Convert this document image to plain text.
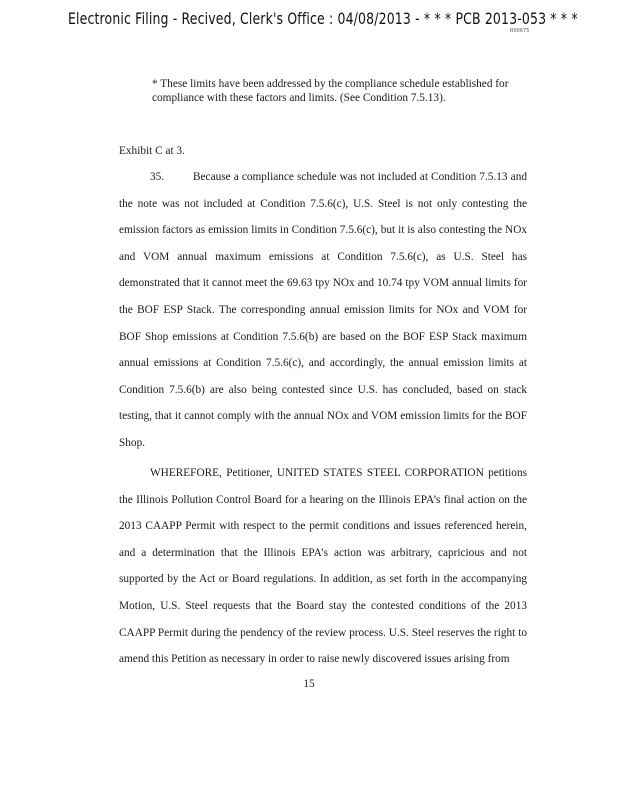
Electronic Filing - Recived, Clerk's Office : 04/08/2013 - * * * PCB 2013-053 * * *
R00675
* These limits have been addressed by the compliance schedule established for compliance with these factors and limits. (See Condition 7.5.13).
Exhibit C at 3.

35.	Because a compliance schedule was not included at Condition 7.5.13 and the note was not included at Condition 7.5.6(c), U.S. Steel is not only contesting the emission factors as emission limits in Condition 7.5.6(c), but it is also contesting the NOx and VOM annual maximum emissions at Condition 7.5.6(c), as U.S. Steel has demonstrated that it cannot meet the 69.63 tpy NOx and 10.74 tpy VOM annual limits for the BOF ESP Stack. The corresponding annual emission limits for NOx and VOM for BOF Shop emissions at Condition 7.5.6(b) are based on the BOF ESP Stack maximum annual emissions at Condition 7.5.6(c), and accordingly, the annual emission limits at Condition 7.5.6(b) are also being contested since U.S. has concluded, based on stack testing, that it cannot comply with the annual NOx and VOM emission limits for the BOF Shop.

WHEREFORE, Petitioner, UNITED STATES STEEL CORPORATION petitions the Illinois Pollution Control Board for a hearing on the Illinois EPA’s final action on the 2013 CAAPP Permit with respect to the permit conditions and issues referenced herein, and a determination that the Illinois EPA’s action was arbitrary, capricious and not supported by the Act or Board regulations. In addition, as set forth in the accompanying Motion, U.S. Steel requests that the Board stay the contested conditions of the 2013 CAAPP Permit during the pendency of the review process. U.S. Steel reserves the right to amend this Petition as necessary in order to raise newly discovered issues arising from

15
